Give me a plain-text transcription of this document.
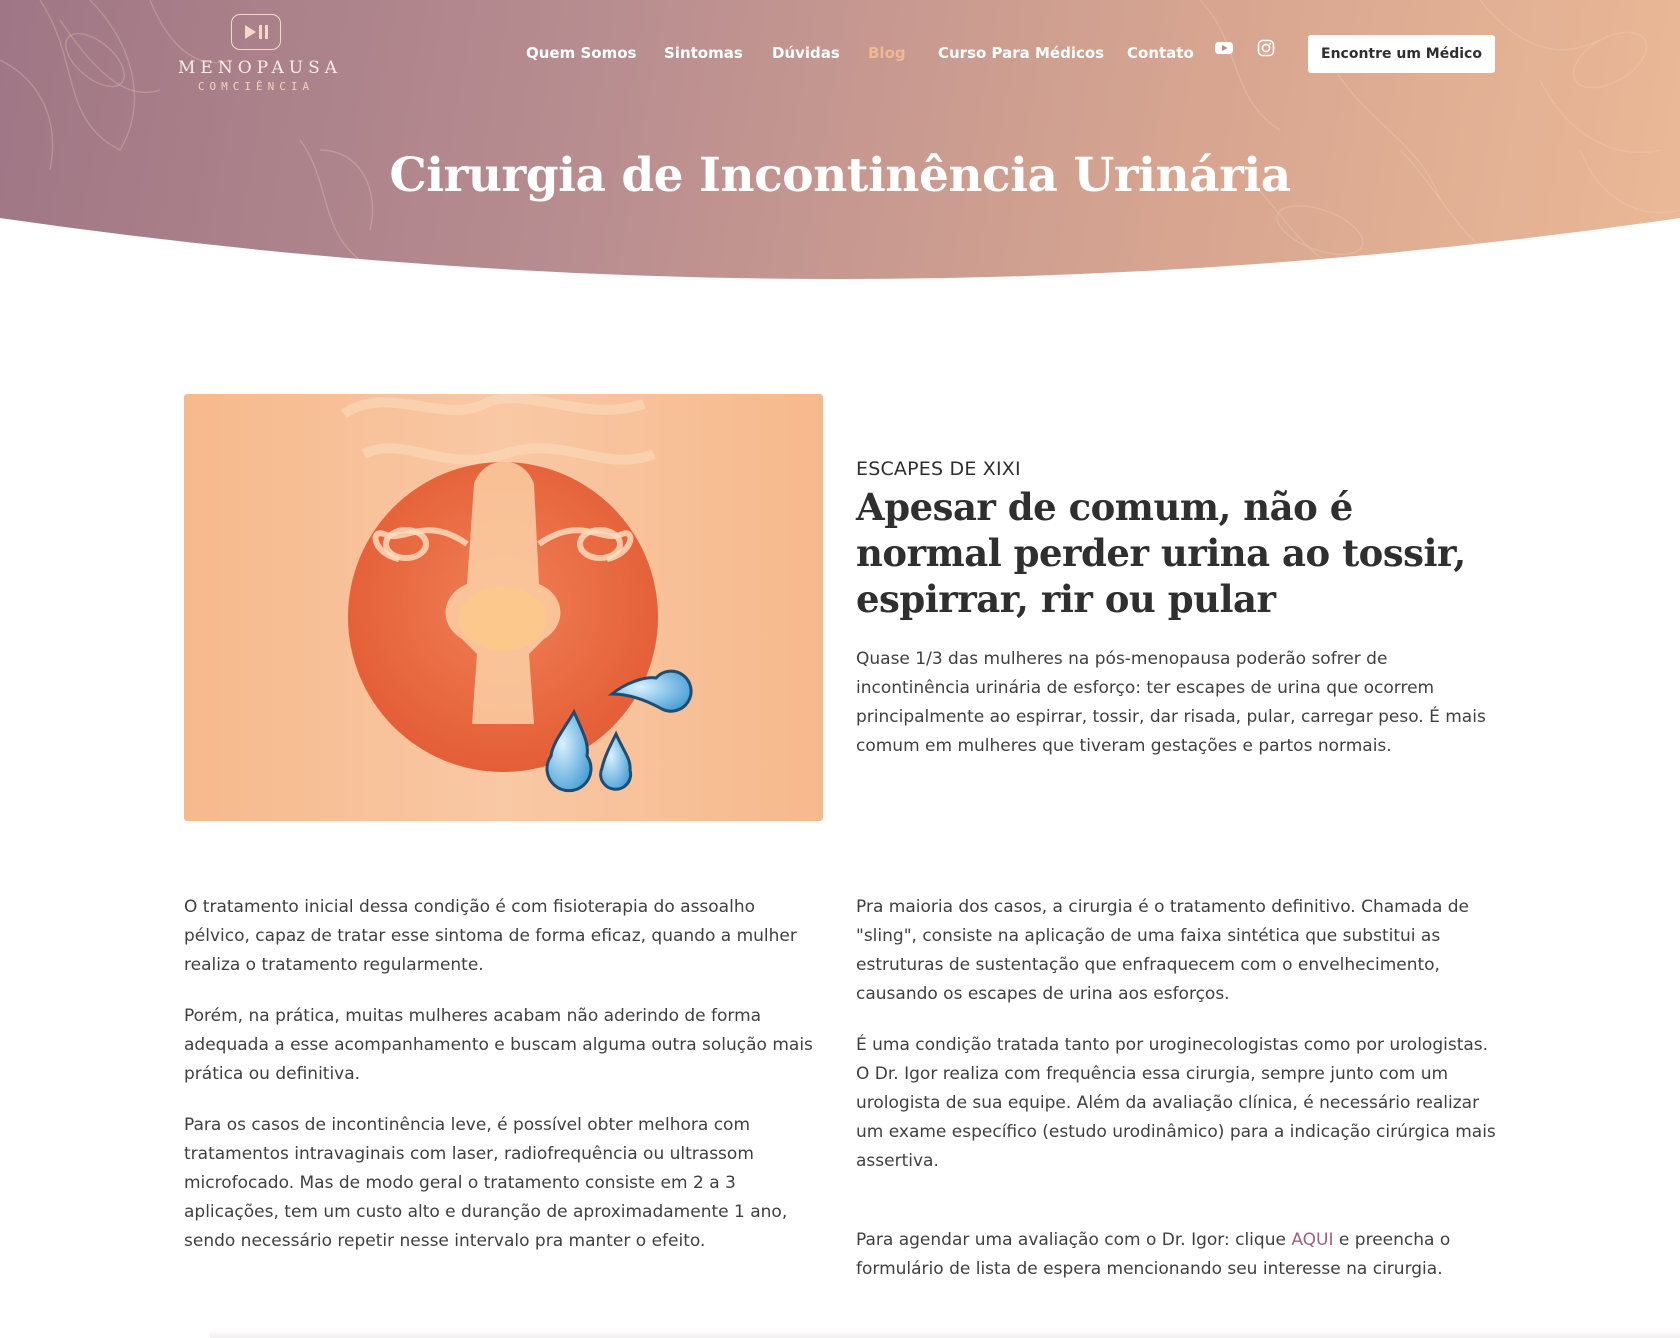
MENOPAUSA
COMCIÊNCIA
Quem Somos Sintomas Dúvidas Blog Curso Para Médicos Contato	Encontre um Médico
Cirurgia de Incontinência Urinária
ESCAPES DE XIXI
Apesar de comum, não é normal perder urina ao tossir, espirrar, rir ou pular

Quase 1/3 das mulheres na pós-menopausa poderão sofrer de incontinência urinária de esforço: ter escapes de urina que ocorrem principalmente ao espirrar, tossir, dar risada, pular, carregar peso. É mais comum em mulheres que tiveram gestações e partos normais.

O tratamento inicial dessa condição é com fisioterapia do assoalho pélvico, capaz de tratar esse sintoma de forma eficaz, quando a mulher realiza o tratamento regularmente.

Porém, na prática, muitas mulheres acabam não aderindo de forma adequada a esse acompanhamento e buscam alguma outra solução mais prática ou definitiva.

Para os casos de incontinência leve, é possível obter melhora com tratamentos intravaginais com laser, radiofrequência ou ultrassom microfocado. Mas de modo geral o tratamento consiste em 2 a 3 aplicações, tem um custo alto e duranção de aproximadamente 1 ano, sendo necessário repetir nesse intervalo pra manter o efeito.

Pra maioria dos casos, a cirurgia é o tratamento definitivo. Chamada de "sling", consiste na aplicação de uma faixa sintética que substitui as estruturas de sustentação que enfraquecem com o envelhecimento, causando os escapes de urina aos esforços.

É uma condição tratada tanto por uroginecologistas como por urologistas. O Dr. Igor realiza com frequência essa cirurgia, sempre junto com um urologista de sua equipe. Além da avaliação clínica, é necessário realizar um exame específico (estudo urodinâmico) para a indicação cirúrgica mais assertiva.

Para agendar uma avaliação com o Dr. Igor: clique AQUI e preencha o formulário de lista de espera mencionando seu interesse na cirurgia.
